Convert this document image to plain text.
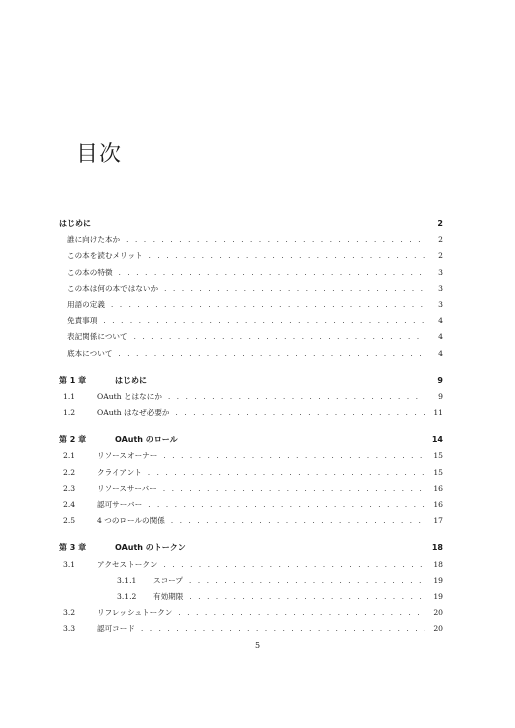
目次
はじめに	2
誰に向けた本か . . .	2
この本を読むメリット . . .	2
この本の特徴 . . .	3
この本は何の本ではないか . . .	3
用語の定義 . . .	3
免責事項 . . .	4
表記関係について . . .	4
底本について . . .	4
第 1 章	はじめに	9
1.1	OAuth とはなにか . . .	9
1.2	OAuth はなぜ必要か . . .	11
第 2 章	OAuth のロール	14
2.1	リソースオーナー . . .	15
2.2	クライアント . . .	15
2.3	リソースサーバー . . .	16
2.4	認可サーバー . . .	16
2.5	4 つのロールの関係 . . .	17
第 3 章	OAuth のトークン	18
3.1	アクセストークン . . .	18
3.1.1	スコープ . . .	19
3.1.2	有効期限 . . .	19
3.2	リフレッシュトークン . . .	20
3.3	認可コード . . .	20
5
